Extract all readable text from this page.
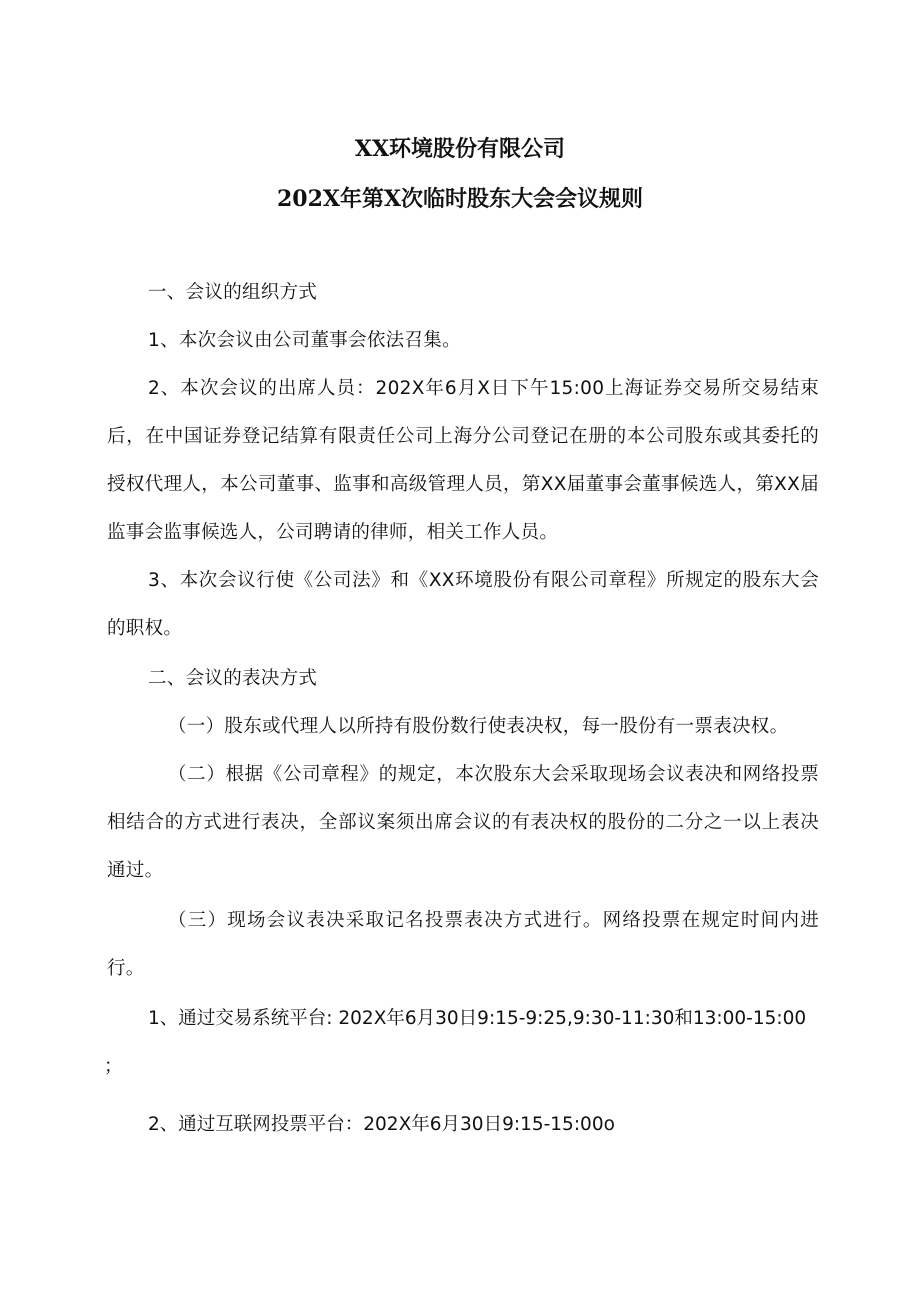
XX环境股份有限公司
202X年第X次临时股东大会会议规则
一、会议的组织方式
1、本次会议由公司董事会依法召集。
2、本次会议的出席人员：202X年6月X日下午15:00上海证券交易所交易结束后，在中国证券登记结算有限责任公司上海分公司登记在册的本公司股东或其委托的授权代理人，本公司董事、监事和高级管理人员，第XX届董事会董事候选人，第XX届监事会监事候选人，公司聘请的律师，相关工作人员。
3、本次会议行使《公司法》和《XX环境股份有限公司章程》所规定的股东大会的职权。
二、会议的表决方式
（一）股东或代理人以所持有股份数行使表决权，每一股份有一票表决权。
（二）根据《公司章程》的规定，本次股东大会采取现场会议表决和网络投票相结合的方式进行表决，全部议案须出席会议的有表决权的股份的二分之一以上表决通过。
（三）现场会议表决采取记名投票表决方式进行。网络投票在规定时间内进行。
1、通过交易系统平台: 202X年6月30日9:15-9:25,9:30-11:30和13:00-15:00
；
2、通过互联网投票平台：202X年6月30日9:15-15:00o
